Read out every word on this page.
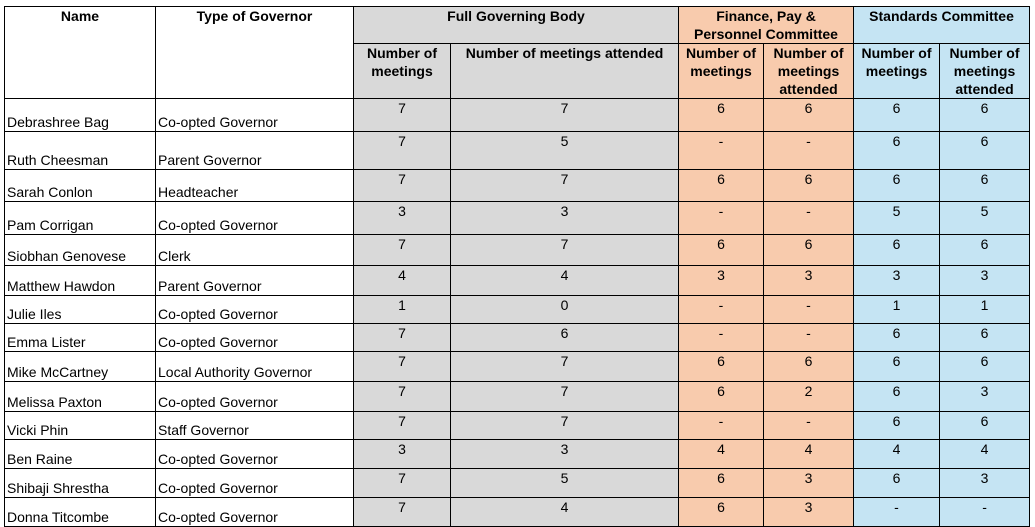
Name	Type of Governor	Full Governing Body		Finance, Pay & Personnel Committee		Standards Committee	
		Number of meetings	Number of meetings attended	Number of meetings	Number of meetings attended	Number of meetings	Number of meetings attended
Debrashree Bag	Co-opted Governor	7	7	6	6	6	6
Ruth Cheesman	Parent Governor	7	5	-	-	6	6
Sarah Conlon	Headteacher	7	7	6	6	6	6
Pam Corrigan	Co-opted Governor	3	3	-	-	5	5
Siobhan Genovese	Clerk	7	7	6	6	6	6
Matthew Hawdon	Parent Governor	4	4	3	3	3	3
Julie Iles	Co-opted Governor	1	0	-	-	1	1
Emma Lister	Co-opted Governor	7	6	-	-	6	6
Mike McCartney	Local Authority Governor	7	7	6	6	6	6
Melissa Paxton	Co-opted Governor	7	7	6	2	6	3
Vicki Phin	Staff Governor	7	7	-	-	6	6
Ben Raine	Co-opted Governor	3	3	4	4	4	4
Shibaji Shrestha	Co-opted Governor	7	5	6	3	6	3
Donna Titcombe	Co-opted Governor	7	4	6	3	-	-
